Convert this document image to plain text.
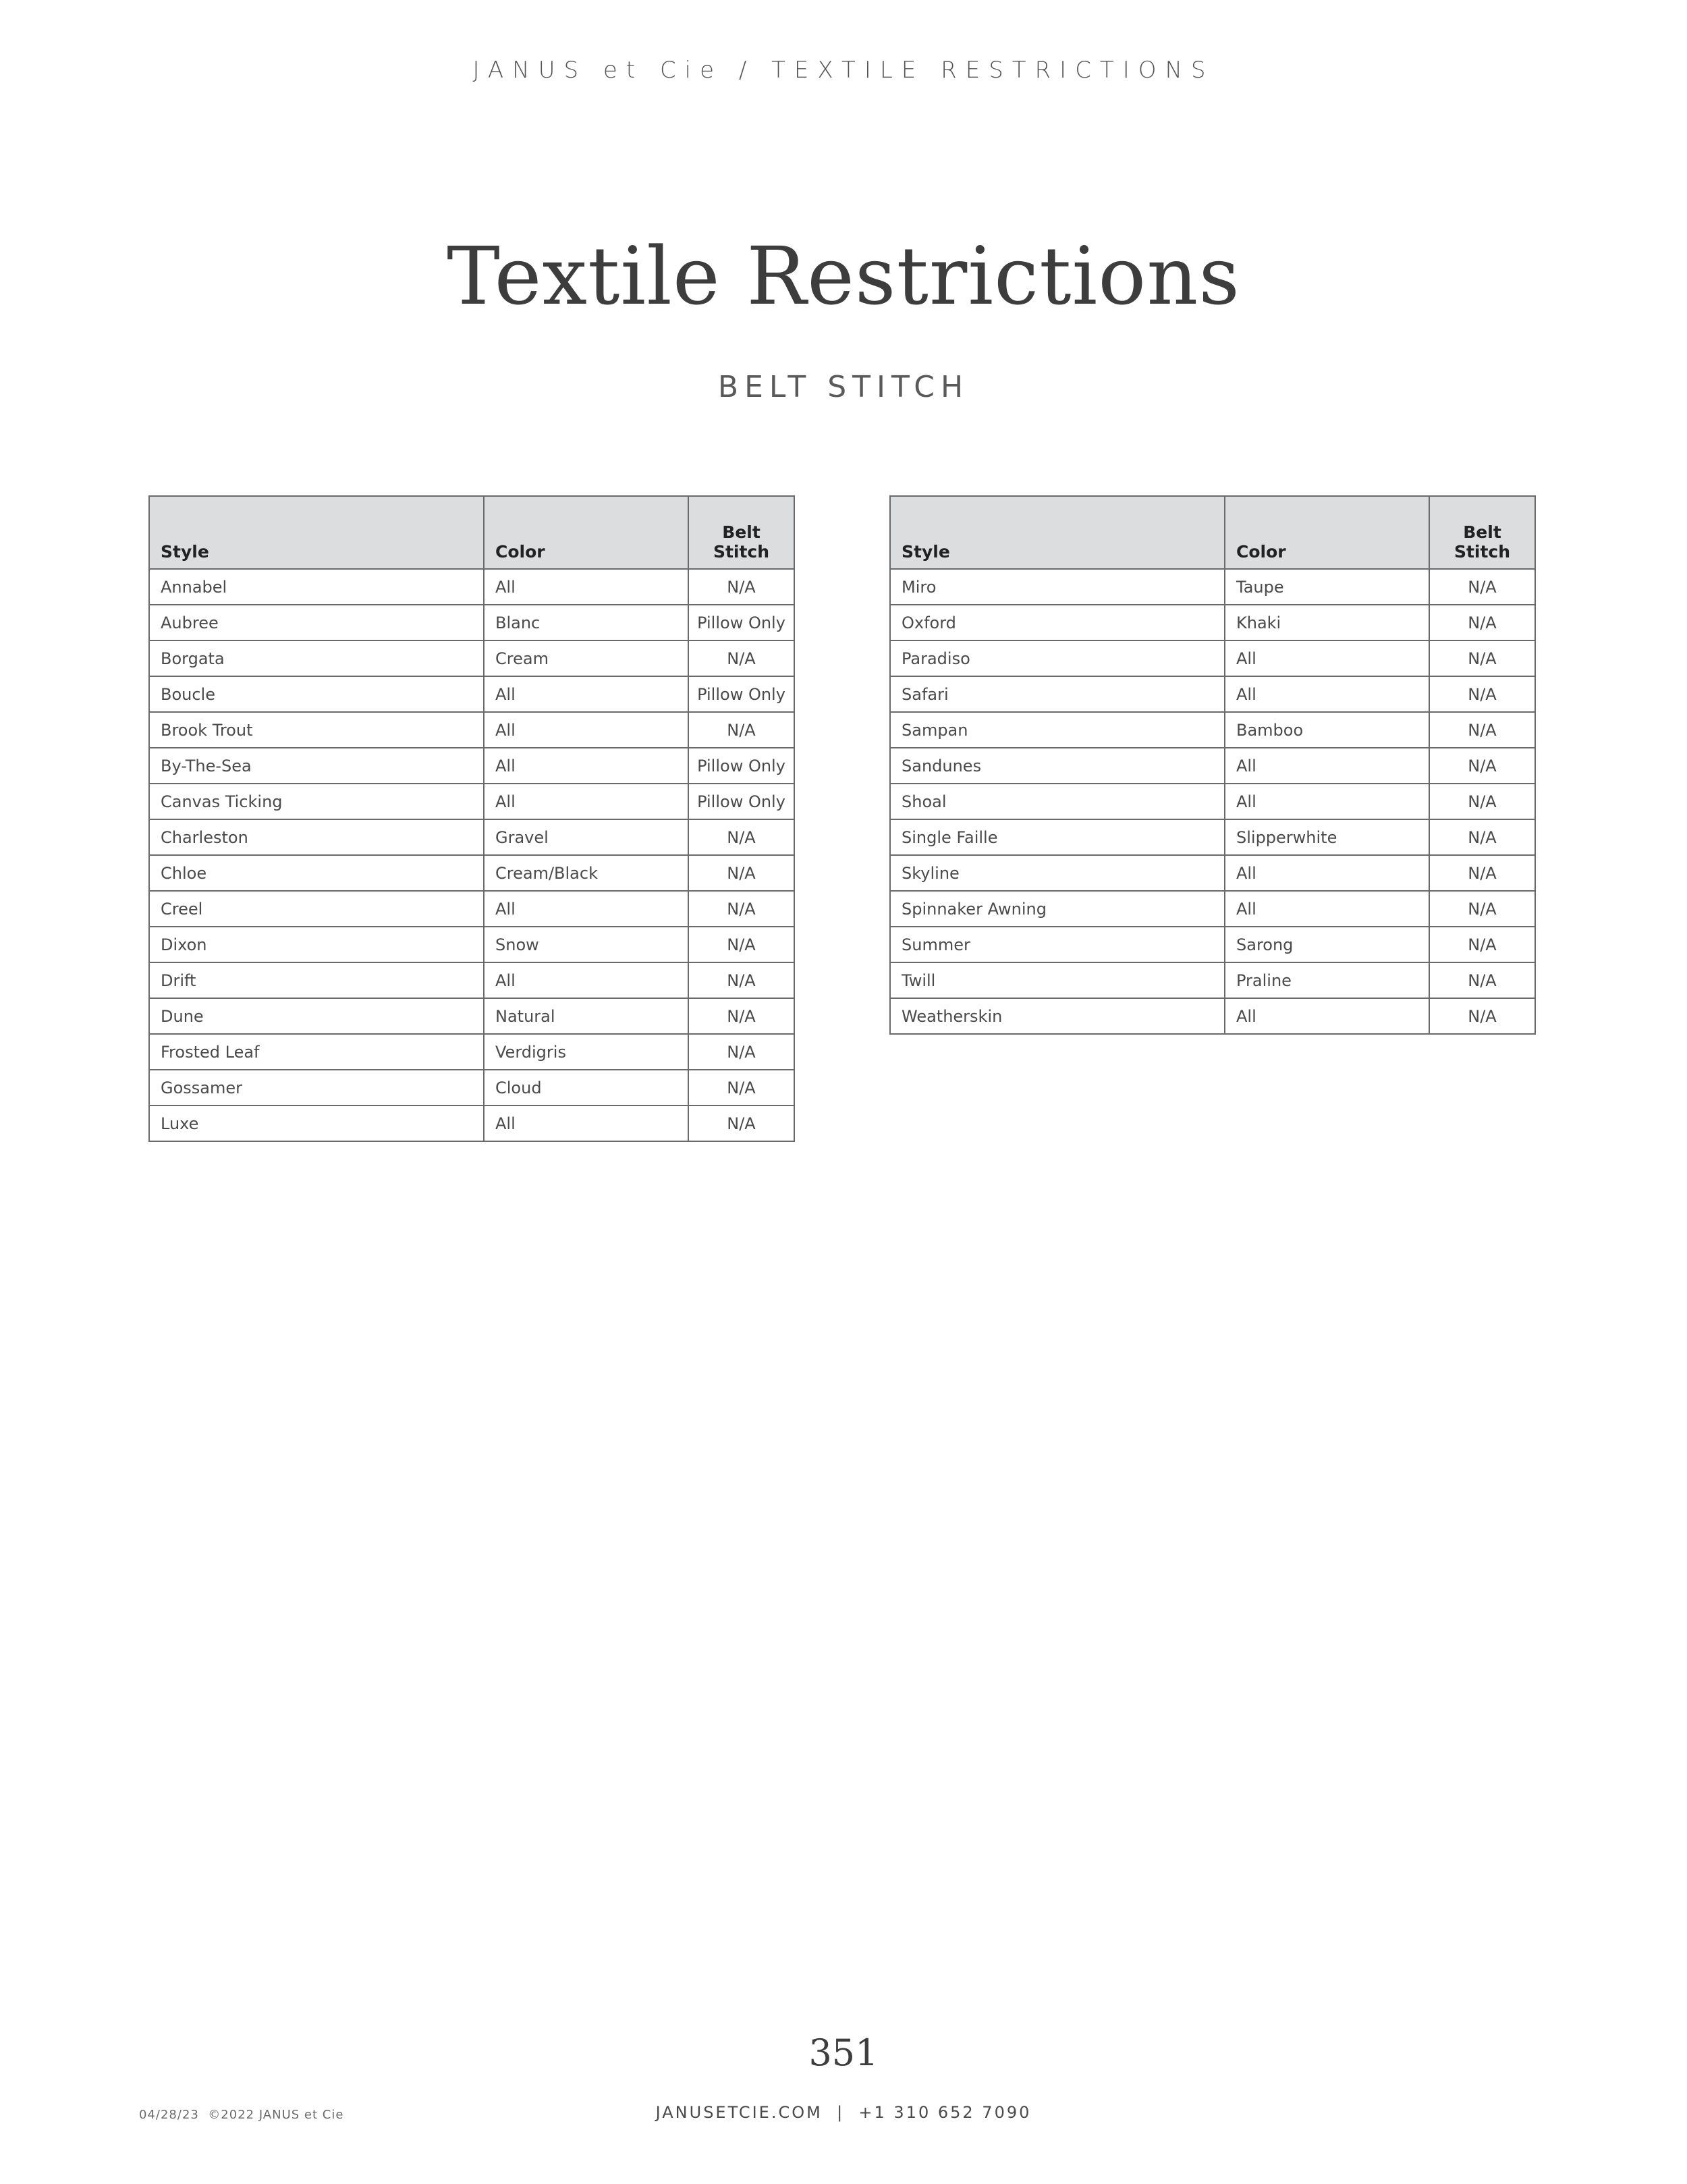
JANUS et Cie / TEXTILE RESTRICTIONS
Textile Restrictions
BELT STITCH
Style	Color	Belt Stitch
Annabel	All	N/A
Aubree	Blanc	Pillow Only
Borgata	Cream	N/A
Boucle	All	Pillow Only
Brook Trout	All	N/A
By-The-Sea	All	Pillow Only
Canvas Ticking	All	Pillow Only
Charleston	Gravel	N/A
Chloe	Cream/Black	N/A
Creel	All	N/A
Dixon	Snow	N/A
Drift	All	N/A
Dune	Natural	N/A
Frosted Leaf	Verdigris	N/A
Gossamer	Cloud	N/A
Luxe	All	N/A
Style	Color	Belt Stitch
Miro	Taupe	N/A
Oxford	Khaki	N/A
Paradiso	All	N/A
Safari	All	N/A
Sampan	Bamboo	N/A
Sandunes	All	N/A
Shoal	All	N/A
Single Faille	Slipperwhite	N/A
Skyline	All	N/A
Spinnaker Awning	All	N/A
Summer	Sarong	N/A
Twill	Praline	N/A
Weatherskin	All	N/A
351
04/28/23  ©2022 JANUS et Cie	JANUSETCIE.COM  |  +1 310 652 7090
